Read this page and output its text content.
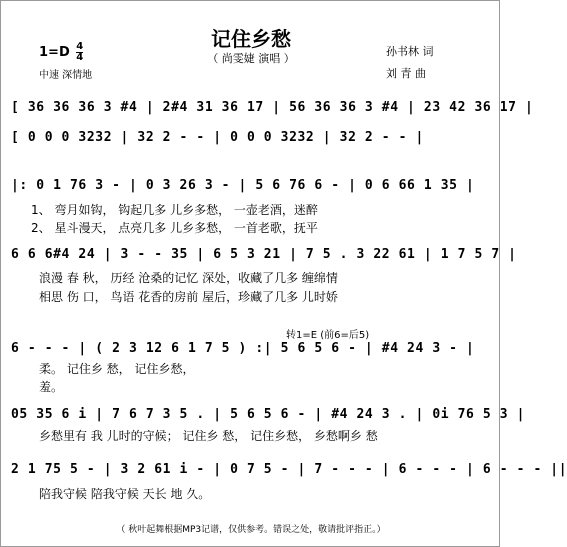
记住乡愁
（ 尚雯婕 演唱 ）
$1=D \frac{4}{4}$
中速 深情地
孙书林 词
刘 青 曲
[ 36 36 36 3 #4 | 2#4 31 36 17 | 56 36 36 3 #4 | 23 42 36 17 |
[ 0 0 0 3232 | 32 2 - - | 0 0 0 3232 | 32 2 - - |
|: 0 1 76 3 - | 0 3 26 3 - | 5 6 76 6 - | 0 6 66 1 35 |
1、 弯月如钩， 钩起几多 儿乡多愁， 一壶老酒，迷醉
2、 星斗漫天， 点亮几多 儿乡多愁， 一首老歌，抚平
6 6 6#4 24 | 3 - - 35 | 6 5 3 21 | 7 5 . 3 22 61 | 1 7 5 7 |
浪漫 春 秋， 历经 沧桑的记忆 深处，收藏了几多 缠绵情
相思 伤 口， 鸟语 花香的房前 屋后，珍藏了几多 儿时娇
转1=E (前6=后5)
6 - - - | ( 2 3 12 6 1 7 5 ) :| 5 6 5 6 - | #4 24 3 - |
柔。 记住乡 愁， 记住乡愁，
羞。
05 35 6 i | 7 6 7 3 5 . | 5 6 5 6 - | #4 24 3 . | 0i 76 5 3 |
乡愁里有 我 儿时的守候； 记住乡 愁， 记住乡愁， 乡愁啊乡 愁
2 1 75 5 - | 3 2 61 i - | 0 7 5 - | 7 - - - | 6 - - - | 6 - - - ||
陪我守候 陪我守候 天长 地 久。
（ 秋叶起舞根据MP3记谱，仅供参考。错误之处，敬请批评指正。）
